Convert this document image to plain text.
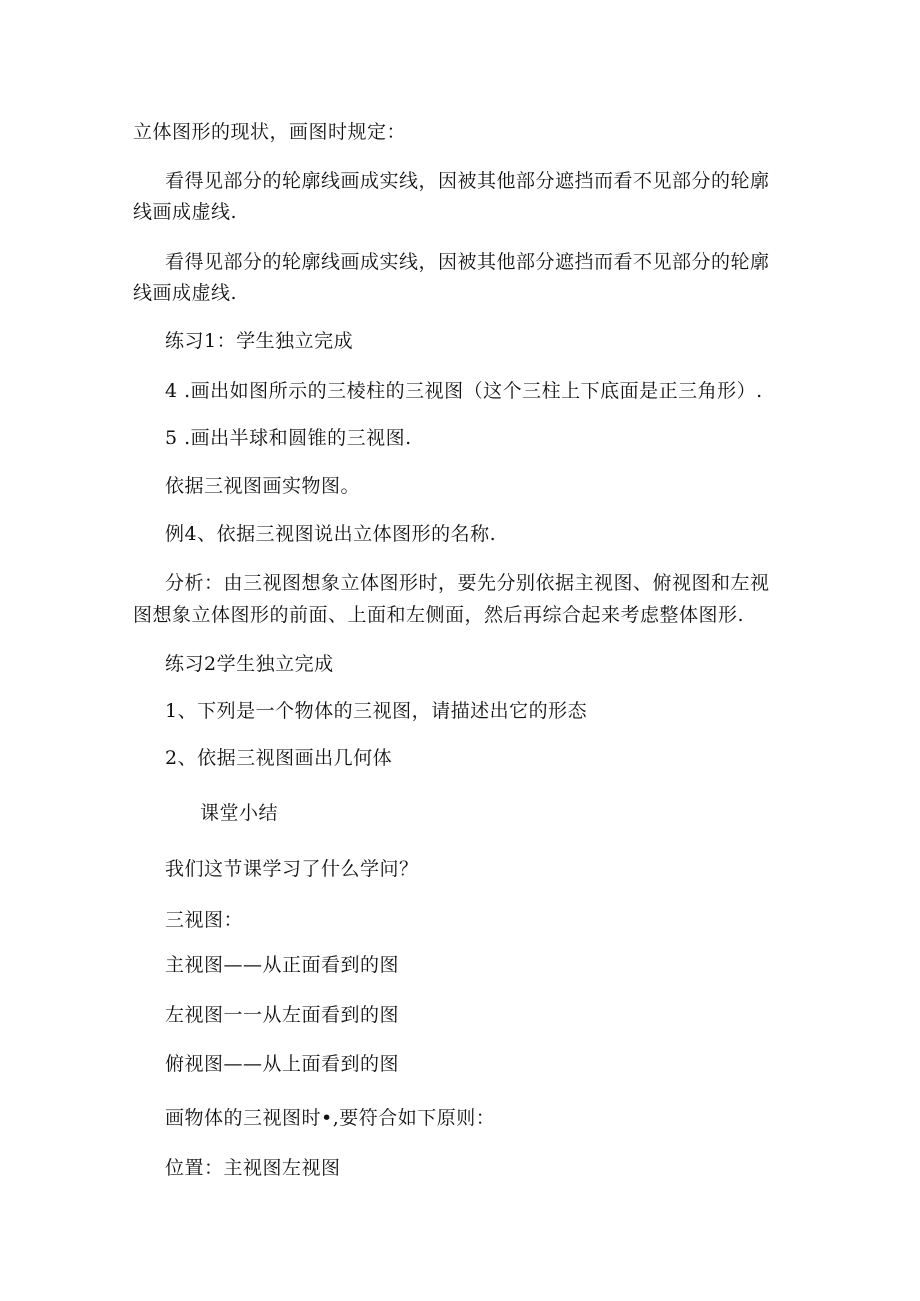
立体图形的现状，画图时规定：
看得见部分的轮廓线画成实线，因被其他部分遮挡而看不见部分的轮廓
线画成虚线.
看得见部分的轮廓线画成实线，因被其他部分遮挡而看不见部分的轮廓
线画成虚线.
练习1：学生独立完成
4 .画出如图所示的三棱柱的三视图（这个三柱上下底面是正三角形）.
5 .画出半球和圆锥的三视图.
依据三视图画实物图。
例4、依据三视图说出立体图形的名称.
分析：由三视图想象立体图形时，要先分别依据主视图、俯视图和左视
图想象立体图形的前面、上面和左侧面，然后再综合起来考虑整体图形.
练习2学生独立完成
1、下列是一个物体的三视图，请描述出它的形态
2、依据三视图画出几何体
课堂小结
我们这节课学习了什么学问？
三视图：
主视图——从正面看到的图
左视图一一从左面看到的图
俯视图——从上面看到的图
画物体的三视图时•,要符合如下原则：
位置：主视图左视图
